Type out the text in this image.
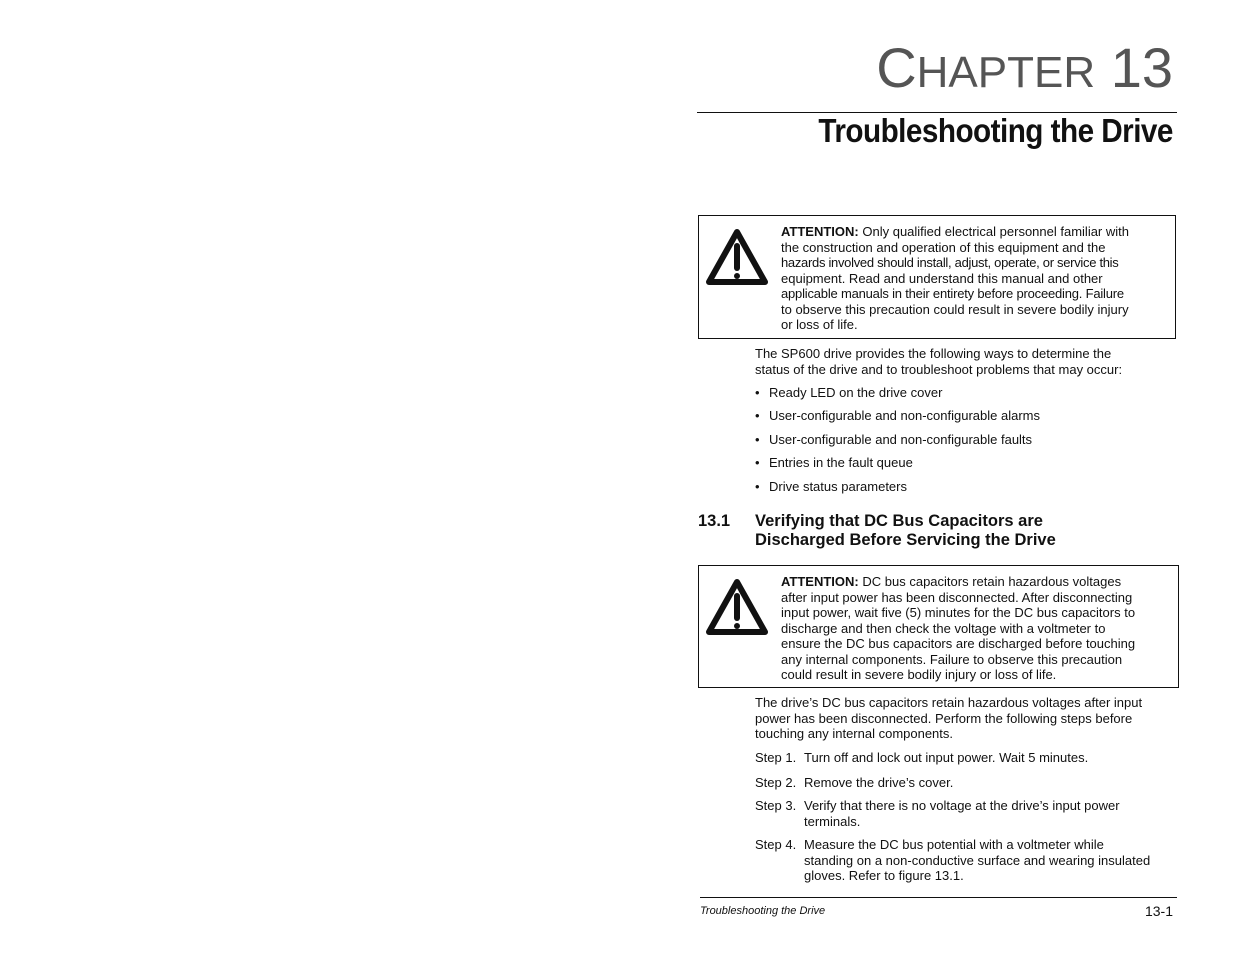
CHAPTER 13
Troubleshooting the Drive
ATTENTION: Only qualified electrical personnel familiar with
the construction and operation of this equipment and the
hazards involved should install, adjust, operate, or service this
equipment. Read and understand this manual and other
applicable manuals in their entirety before proceeding. Failure
to observe this precaution could result in severe bodily injury
or loss of life.
The SP600 drive provides the following ways to determine the
status of the drive and to troubleshoot problems that may occur:
• Ready LED on the drive cover
• User-configurable and non-configurable alarms
• User-configurable and non-configurable faults
• Entries in the fault queue
• Drive status parameters
13.1 Verifying that DC Bus Capacitors are
Discharged Before Servicing the Drive
ATTENTION: DC bus capacitors retain hazardous voltages
after input power has been disconnected. After disconnecting
input power, wait five (5) minutes for the DC bus capacitors to
discharge and then check the voltage with a voltmeter to
ensure the DC bus capacitors are discharged before touching
any internal components. Failure to observe this precaution
could result in severe bodily injury or loss of life.
The drive’s DC bus capacitors retain hazardous voltages after input
power has been disconnected. Perform the following steps before
touching any internal components.
Step 1. Turn off and lock out input power. Wait 5 minutes.
Step 2. Remove the drive’s cover.
Step 3. Verify that there is no voltage at the drive’s input power
terminals.
Step 4. Measure the DC bus potential with a voltmeter while
standing on a non-conductive surface and wearing insulated
gloves. Refer to figure 13.1.
Troubleshooting the Drive	13-1
